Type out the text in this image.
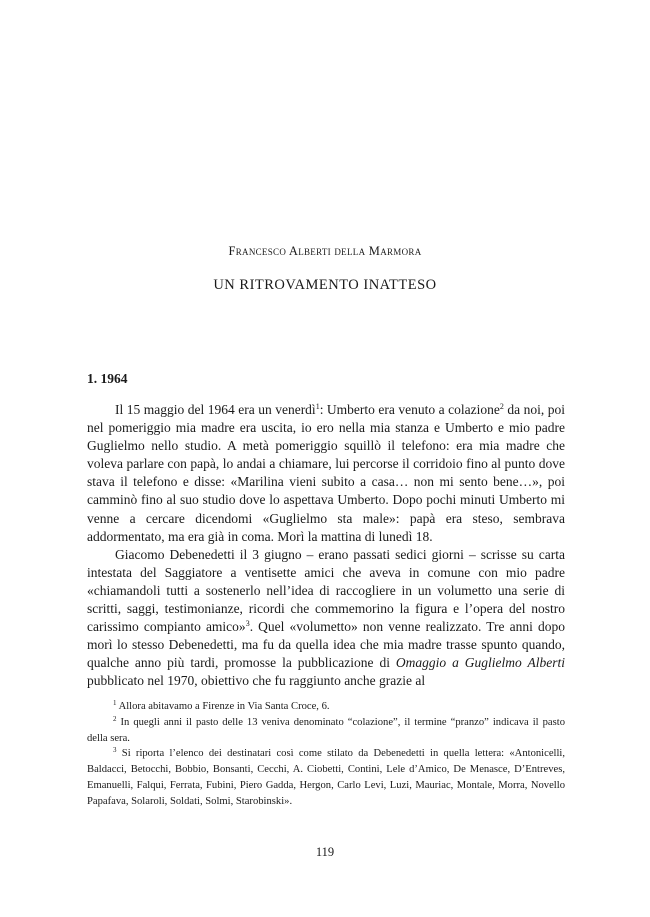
Francesco Alberti della Marmora

UN RITROVAMENTO INATTESO
1. 1964

Il 15 maggio del 1964 era un venerdì$^1$: Umberto era venuto a colazione$^2$ da noi, poi nel pomeriggio mia madre era uscita, io ero nella mia stanza e Umberto e mio padre Guglielmo nello studio. A metà pomeriggio squillò il telefono: era mia madre che voleva parlare con papà, lo andai a chiamare, lui percorse il corridoio fino al punto dove stava il telefono e disse: «Marilina vieni subito a casa… non mi sento bene…», poi camminò fino al suo studio dove lo aspettava Umberto. Dopo pochi minuti Umberto mi venne a cercare dicendomi «Guglielmo sta male»: papà era steso, sembrava addormentato, ma era già in coma. Morì la mattina di lunedì 18.

Giacomo Debenedetti il 3 giugno – erano passati sedici giorni – scrisse su carta intestata del Saggiatore a ventisette amici che aveva in comune con mio padre «chiamandoli tutti a sostenerlo nell’idea di raccogliere in un volumetto una serie di scritti, saggi, testimonianze, ricordi che commemorino la figura e l’opera del nostro carissimo compianto amico»$^3$. Quel «volumetto» non venne realizzato. Tre anni dopo morì lo stesso Debenedetti, ma fu da quella idea che mia madre trasse spunto quando, qualche anno più tardi, promosse la pubblicazione di Omaggio a Guglielmo Alberti pubblicato nel 1970, obiettivo che fu raggiunto anche grazie al

$^1$ Allora abitavamo a Firenze in Via Santa Croce, 6.

$^2$ In quegli anni il pasto delle 13 veniva denominato “colazione”, il termine “pranzo” indicava il pasto della sera.

$^3$ Si riporta l’elenco dei destinatari così come stilato da Debenedetti in quella lettera: «Antonicelli, Baldacci, Betocchi, Bobbio, Bonsanti, Cecchi, A. Ciobetti, Contini, Lele d’Amico, De Menasce, D’Entreves, Emanuelli, Falqui, Ferrata, Fubini, Piero Gadda, Hergon, Carlo Levi, Luzi, Mauriac, Montale, Morra, Novello Papafava, Solaroli, Soldati, Solmi, Starobinski».

119
